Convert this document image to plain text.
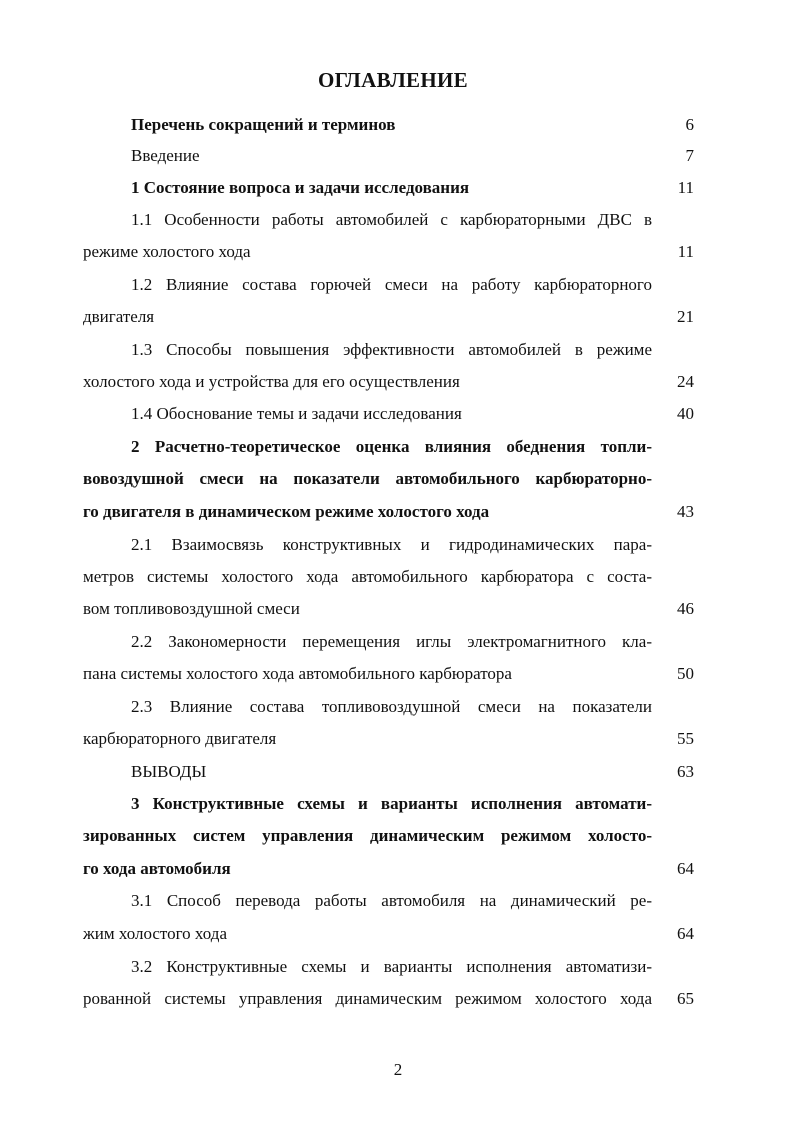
ОГЛАВЛЕНИЕ
Перечень сокращений и терминов	6
Введение	7
1 Состояние вопроса и задачи исследования	11
1.1 Особенности работы автомобилей с карбюраторными ДВС в
режиме холостого хода	11
1.2 Влияние состава горючей смеси на работу карбюраторного
двигателя	21
1.3 Способы повышения эффективности автомобилей в режиме
холостого хода и устройства для его осуществления	24
1.4 Обоснование темы и задачи исследования	40
2 Расчетно-теоретическое оценка влияния обеднения топли-
вовоздушной смеси на показатели автомобильного карбюраторно-
го двигателя в динамическом режиме холостого хода	43
2.1 Взаимосвязь конструктивных и гидродинамических пара-
метров системы холостого хода автомобильного карбюратора с соста-
вом топливовоздушной смеси	46
2.2 Закономерности перемещения иглы электромагнитного кла-
пана системы холостого хода автомобильного карбюратора	50
2.3 Влияние состава топливовоздушной смеси на показатели
карбюраторного двигателя	55
ВЫВОДЫ	63
3 Конструктивные схемы и варианты исполнения автомати-
зированных систем управления динамическим режимом холосто-
го хода автомобиля	64
3.1 Способ перевода работы автомобиля на динамический ре-
жим холостого хода	64
3.2 Конструктивные схемы и варианты исполнения автоматизи-
рованной системы управления динамическим режимом холостого хода	65
2
